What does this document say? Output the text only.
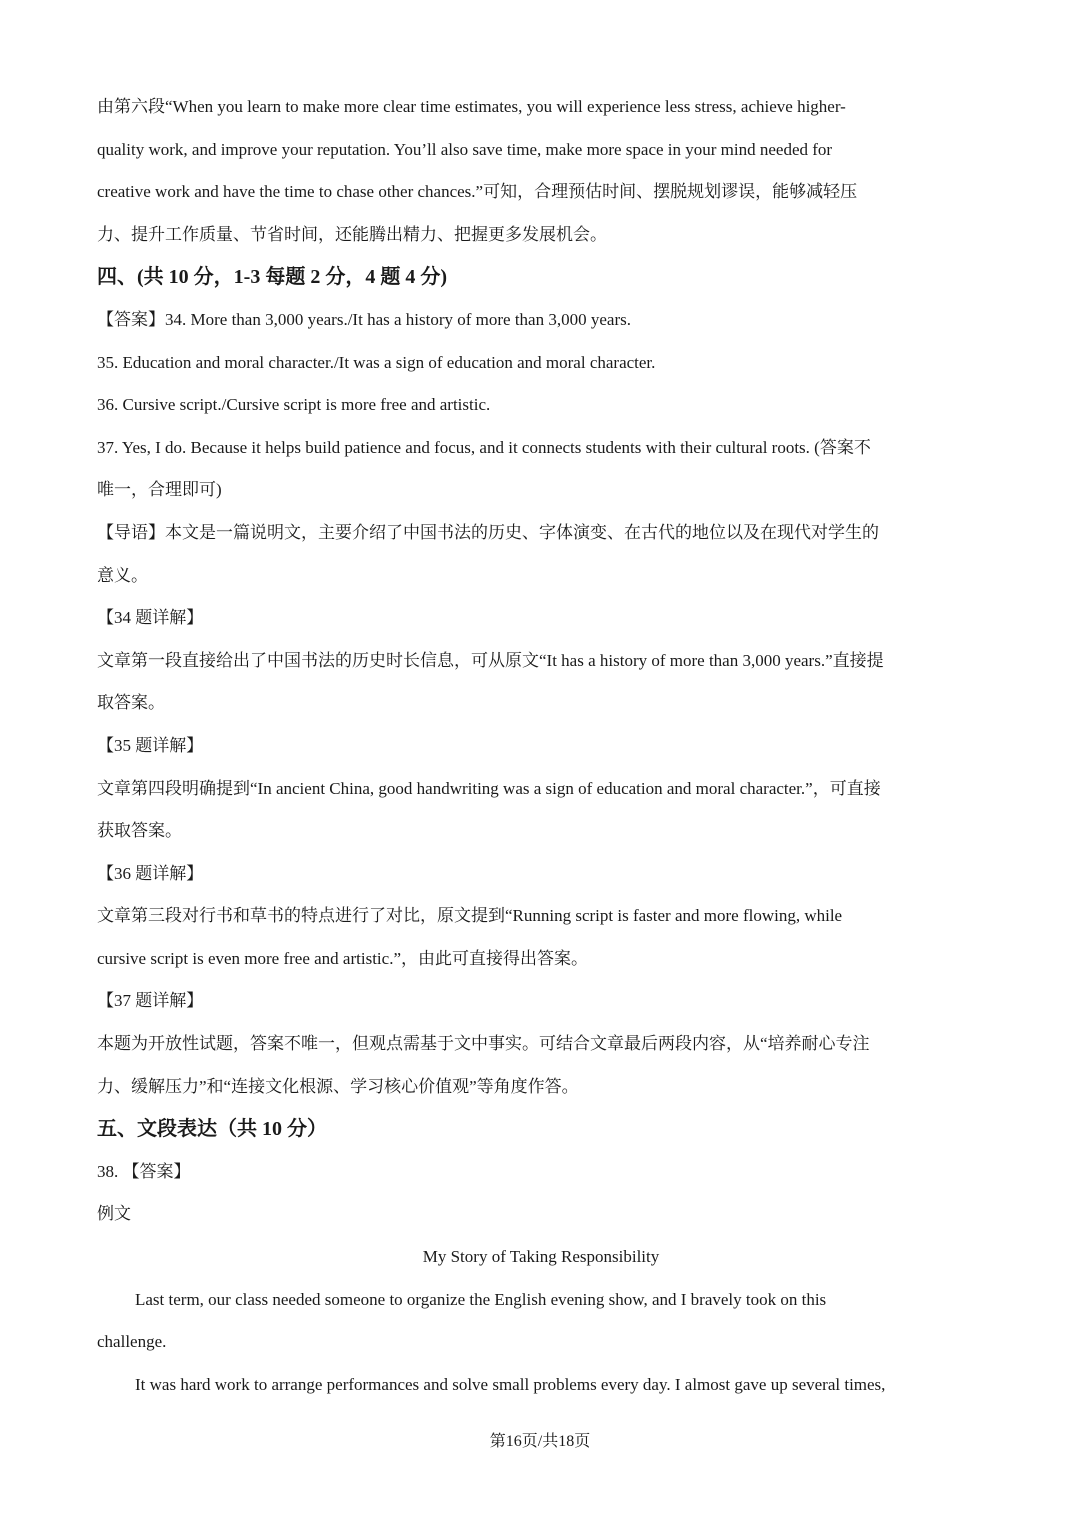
由第六段“When you learn to make more clear time estimates, you will experience less stress, achieve higher-
quality work, and improve your reputation. You’ll also save time, make more space in your mind needed for
creative work and have the time to chase other chances.”可知，合理预估时间、摆脱规划谬误，能够减轻压
力、提升工作质量、节省时间，还能腾出精力、把握更多发展机会。
四、(共 10 分，1-3 每题 2 分，4 题 4 分)
【答案】34. More than 3,000 years./It has a history of more than 3,000 years.
35. Education and moral character./It was a sign of education and moral character.
36. Cursive script./Cursive script is more free and artistic.
37. Yes, I do. Because it helps build patience and focus, and it connects students with their cultural roots. (答案不
唯一，合理即可)
【导语】本文是一篇说明文，主要介绍了中国书法的历史、字体演变、在古代的地位以及在现代对学生的
意义。
【34 题详解】
文章第一段直接给出了中国书法的历史时长信息，可从原文“It has a history of more than 3,000 years.”直接提
取答案。
【35 题详解】
文章第四段明确提到“In ancient China, good handwriting was a sign of education and moral character.”，可直接
获取答案。
【36 题详解】
文章第三段对行书和草书的特点进行了对比，原文提到“Running script is faster and more flowing, while
cursive script is even more free and artistic.”，由此可直接得出答案。
【37 题详解】
本题为开放性试题，答案不唯一，但观点需基于文中事实。可结合文章最后两段内容，从“培养耐心专注
力、缓解压力”和“连接文化根源、学习核心价值观”等角度作答。
五、文段表达（共 10 分）
38. 【答案】
例文
My Story of Taking Responsibility
Last term, our class needed someone to organize the English evening show, and I bravely took on this
challenge.
It was hard work to arrange performances and solve small problems every day. I almost gave up several times,
第16页/共18页
